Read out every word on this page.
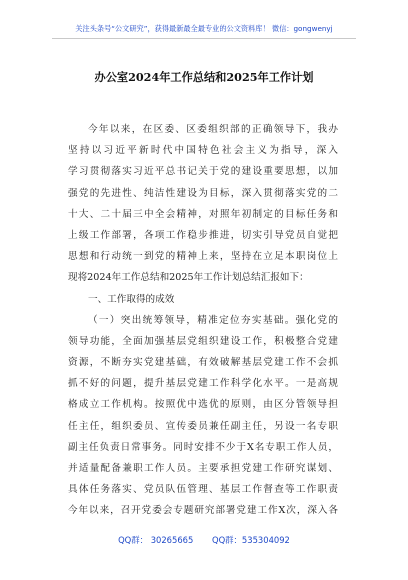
关注头条号“公文研究”，获得最新最全最专业的公文资料库！ 微信：gongwenyj
办公室2024年工作总结和2025年工作计划
今年以来，在区委、区委组织部的正确领导下，我办
坚持以习近平新时代中国特色社会主义为指导，深入
学习贯彻落实习近平总书记关于党的建设重要思想，以加
强党的先进性、纯洁性建设为目标，深入贯彻落实党的二
十大、二十届三中全会精神，对照年初制定的目标任务和
上级工作部署，各项工作稳步推进，切实引导党员自觉把
思想和行动统一到党的精神上来，坚持在立足本职岗位上
现将2024年工作总结和2025年工作计划总结汇报如下：
一、工作取得的成效
（一）突出统筹领导，精准定位夯实基础。强化党的
领导功能，全面加强基层党组织建设工作，积极整合党建
资源，不断夯实党建基础，有效破解基层党建工作不会抓
抓不好的问题，提升基层党建工作科学化水平。一是高规
格成立工作机构。按照优中选优的原则，由区分管领导担
任主任，组织委员、宣传委员兼任副主任，另设一名专职
副主任负责日常事务。同时安排不少于X名专职工作人员，
并适量配备兼职工作人员。主要承担党建工作研究谋划、
具体任务落实、党员队伍管理、基层工作督查等工作职责
今年以来，召开党委会专题研究部署党建工作X次，深入各
QQ群： 30265665 QQ群：535304092
